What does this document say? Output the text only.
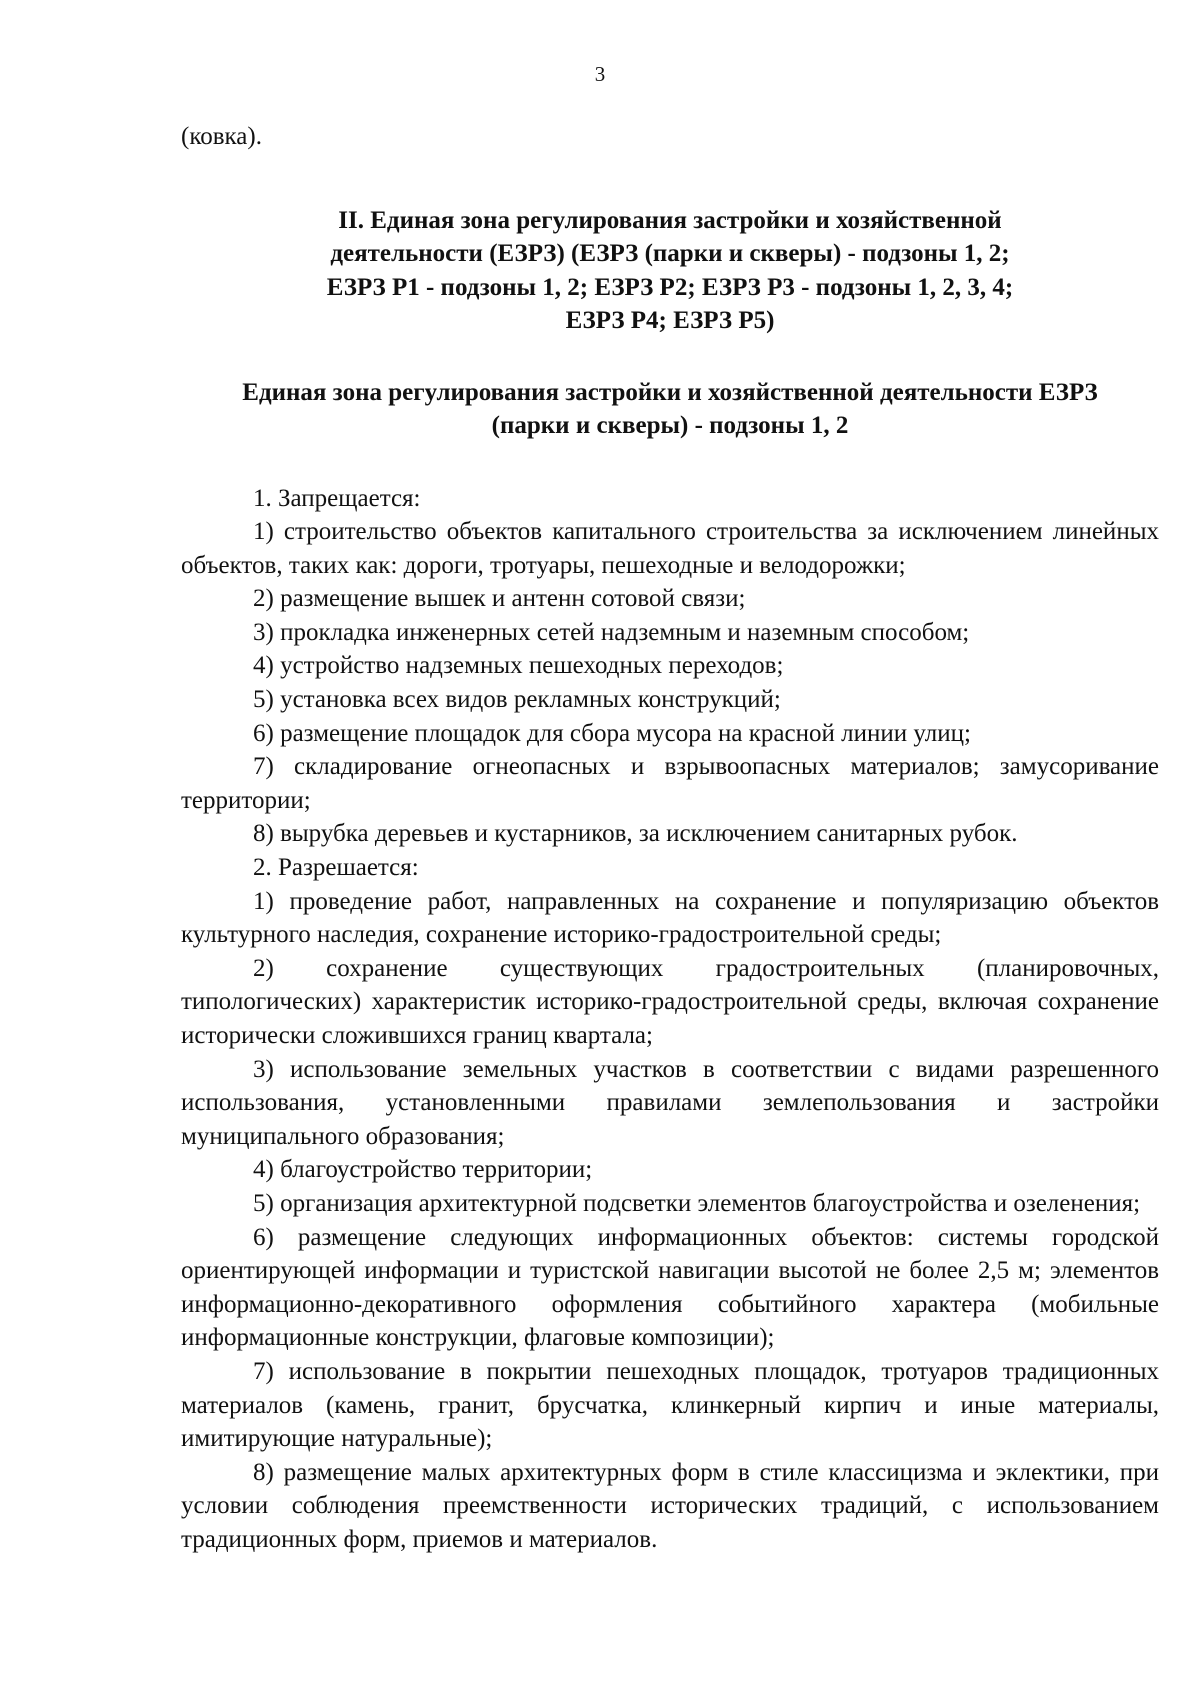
3

(ковка).

II. Единая зона регулирования застройки и хозяйственной
деятельности (ЕЗРЗ) (ЕЗРЗ (парки и скверы) - подзоны 1, 2;
ЕЗРЗ Р1 - подзоны 1, 2; ЕЗРЗ Р2; ЕЗРЗ Р3 - подзоны 1, 2, 3, 4;
ЕЗРЗ Р4; ЕЗРЗ Р5)
Единая зона регулирования застройки и хозяйственной деятельности ЕЗРЗ
(парки и скверы) - подзоны 1, 2

1. Запрещается:

1) строительство объектов капитального строительства за исключением линейных объектов, таких как: дороги, тротуары, пешеходные и велодорожки;

2) размещение вышек и антенн сотовой связи;

3) прокладка инженерных сетей надземным и наземным способом;

4) устройство надземных пешеходных переходов;

5) установка всех видов рекламных конструкций;

6) размещение площадок для сбора мусора на красной линии улиц;

7) складирование огнеопасных и взрывоопасных материалов; замусоривание территории;

8) вырубка деревьев и кустарников, за исключением санитарных рубок.

2. Разрешается:

1) проведение работ, направленных на сохранение и популяризацию объектов культурного наследия, сохранение историко-градостроительной среды;

2) сохранение существующих градостроительных (планировочных, типологических) характеристик историко-градостроительной среды, включая сохранение исторически сложившихся границ квартала;

3) использование земельных участков в соответствии с видами разрешенного использования, установленными правилами землепользования и застройки муниципального образования;

4) благоустройство территории;

5) организация архитектурной подсветки элементов благоустройства и озеленения;

6) размещение следующих информационных объектов: системы городской ориентирующей информации и туристской навигации высотой не более 2,5 м; элементов информационно-декоративного оформления событийного характера (мобильные информационные конструкции, флаговые композиции);

7) использование в покрытии пешеходных площадок, тротуаров традиционных материалов (камень, гранит, брусчатка, клинкерный кирпич и иные материалы, имитирующие натуральные);

8) размещение малых архитектурных форм в стиле классицизма и эклектики, при условии соблюдения преемственности исторических традиций, с использованием традиционных форм, приемов и материалов.
